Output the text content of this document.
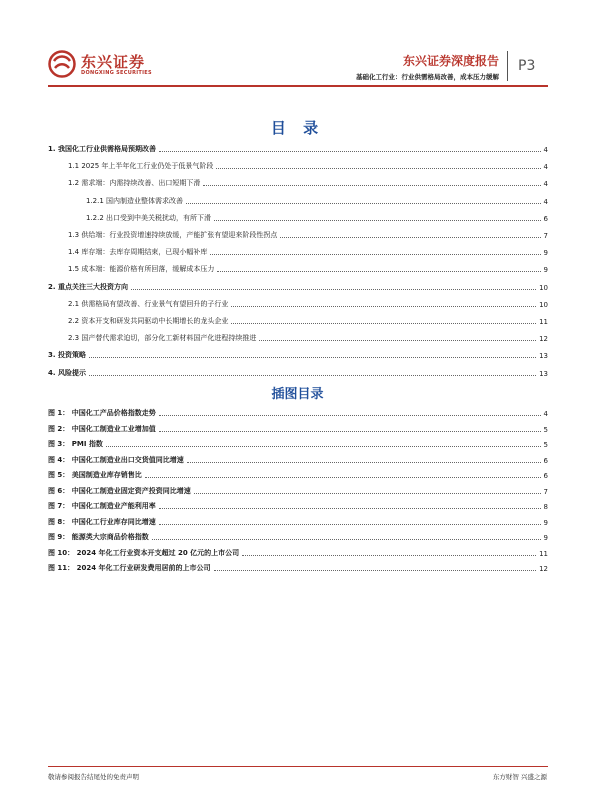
东兴证券
DONGXING SECURITIES
东兴证券深度报告
基础化工行业：行业供需格局改善，成本压力缓解
P3
目 录
1. 我国化工行业供需格局预期改善	4
1.1 2025 年上半年化工行业仍处于低景气阶段	4
1.2 需求端：内需持续改善、出口短期下滑	4
1.2.1 国内制造业整体需求改善	4
1.2.2 出口受到中美关税扰动，有所下滑	6
1.3 供给端：行业投资增速持续放缓，产能扩张有望迎来阶段性拐点	7
1.4 库存端：去库存周期结束，已现小幅补库	9
1.5 成本端：能源价格有所回落，缓解成本压力	9
2. 重点关注三大投资方向	10
2.1 供需格局有望改善、行业景气有望回升的子行业	10
2.2 资本开支和研发共同驱动中长期增长的龙头企业	11
2.3 国产替代需求迫切，部分化工新材料国产化进程持续推进	12
3. 投资策略	13
4. 风险提示	13
插图目录
图 1： 中国化工产品价格指数走势	4
图 2： 中国化工制造业工业增加值	5
图 3： PMI 指数	5
图 4： 中国化工制造业出口交货值同比增速	6
图 5： 美国制造业库存销售比	6
图 6： 中国化工制造业固定资产投资同比增速	7
图 7： 中国化工制造业产能利用率	8
图 8： 中国化工行业库存同比增速	9
图 9： 能源类大宗商品价格指数	9
图 10： 2024 年化工行业资本开支超过 20 亿元的上市公司	11
图 11： 2024 年化工行业研发费用居前的上市公司	12
敬请参阅报告结尾处的免责声明	东方财智 兴盛之源
